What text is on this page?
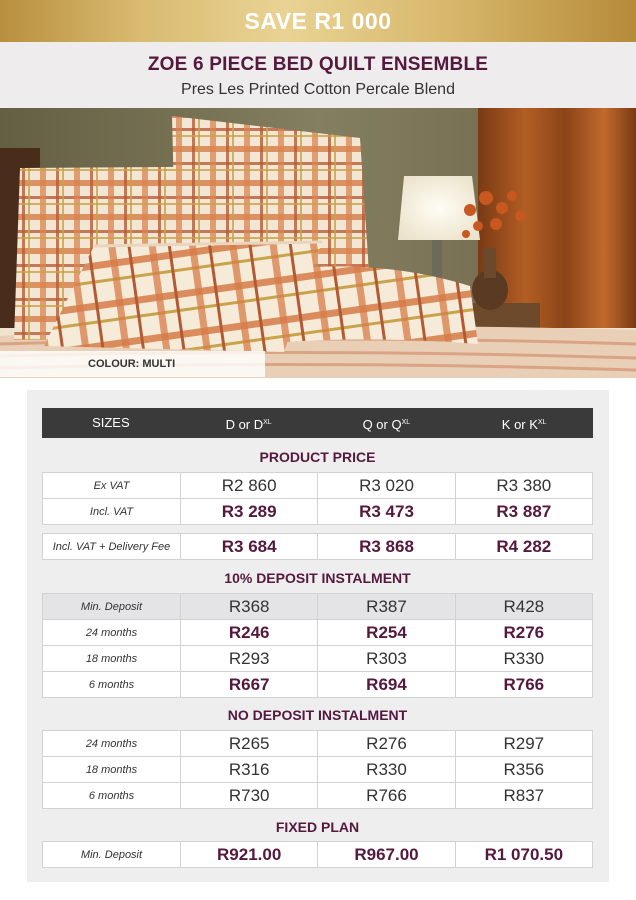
SAVE R1 000
ZOE 6 PIECE BED QUILT ENSEMBLE
Pres Les Printed Cotton Percale Blend
COLOUR: MULTI
SIZES	D or $D^{XL}$	Q or $Q^{XL}$	K or $K^{XL}$
PRODUCT PRICE
Ex VAT	R2 860	R3 020	R3 380
Incl. VAT	R3 289	R3 473	R3 887
Incl. VAT + Delivery Fee	R3 684	R3 868	R4 282
10% DEPOSIT INSTALMENT
Min. Deposit	R368	R387	R428
24 months	R246	R254	R276
18 months	R293	R303	R330
6 months	R667	R694	R766
NO DEPOSIT INSTALMENT
24 months	R265	R276	R297
18 months	R316	R330	R356
6 months	R730	R766	R837
FIXED PLAN
Min. Deposit	R921.00	R967.00	R1 070.50
